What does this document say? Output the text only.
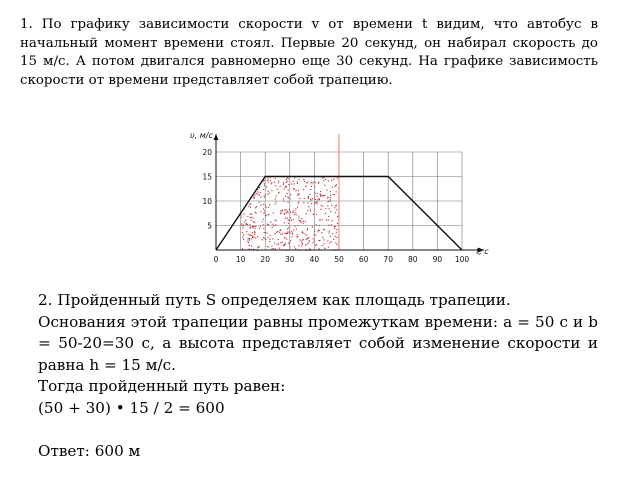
1. По графику зависимости скорости v от времени t видим, что автобус в начальный момент времени стоял. Первые 20 секунд, он набирал скорость до 15 м/с. А потом двигался равномерно еще 30 секунд. На графике зависимость скорости от времени представляет собой трапецию.

0 10 20 30 40 50 60 70 80 90 100
5
10
15
20
υ, м/с
t, с

2. Пройденный путь S определяем как площадь трапеции.

Основания этой трапеции равны промежуткам времени: a = 50 с и b = 50-20=30 с, а высота представляет собой изменение скорости и равна h = 15 м/с.

Тогда пройденный путь равен:

(50 + 30) • 15 / 2 = 600

Ответ: 600 м
